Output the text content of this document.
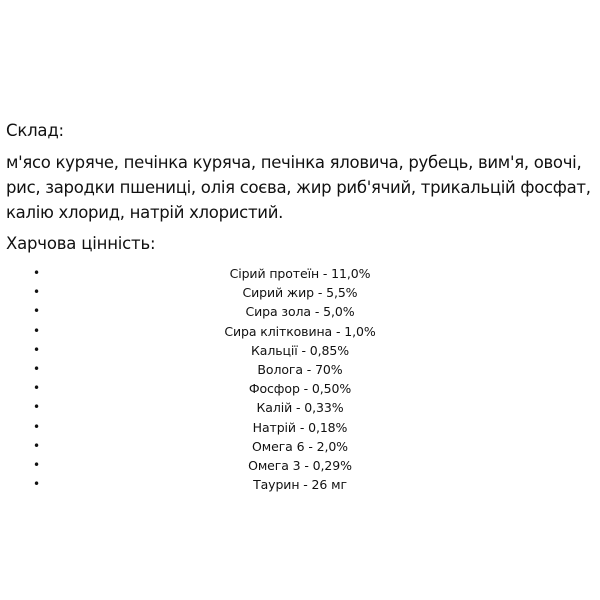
Склад:
м'ясо куряче, печінка куряча, печінка яловича, рубець, вим'я, овочі, рис, зародки пшениці, олія соєва, жир риб'ячий, трикальцій фосфат, калію хлорид, натрій хлористий.
Харчова цінність:
•	Сірий протеїн - 11,0%
•	Сирий жир - 5,5%
•	Сира зола - 5,0%
•	Сира клітковина - 1,0%
•	Кальції - 0,85%
•	Волога - 70%
•	Фосфор - 0,50%
•	Калій - 0,33%
•	Натрій - 0,18%
•	Омега 6 - 2,0%
•	Омега 3 - 0,29%
•	Таурин - 26 мг
